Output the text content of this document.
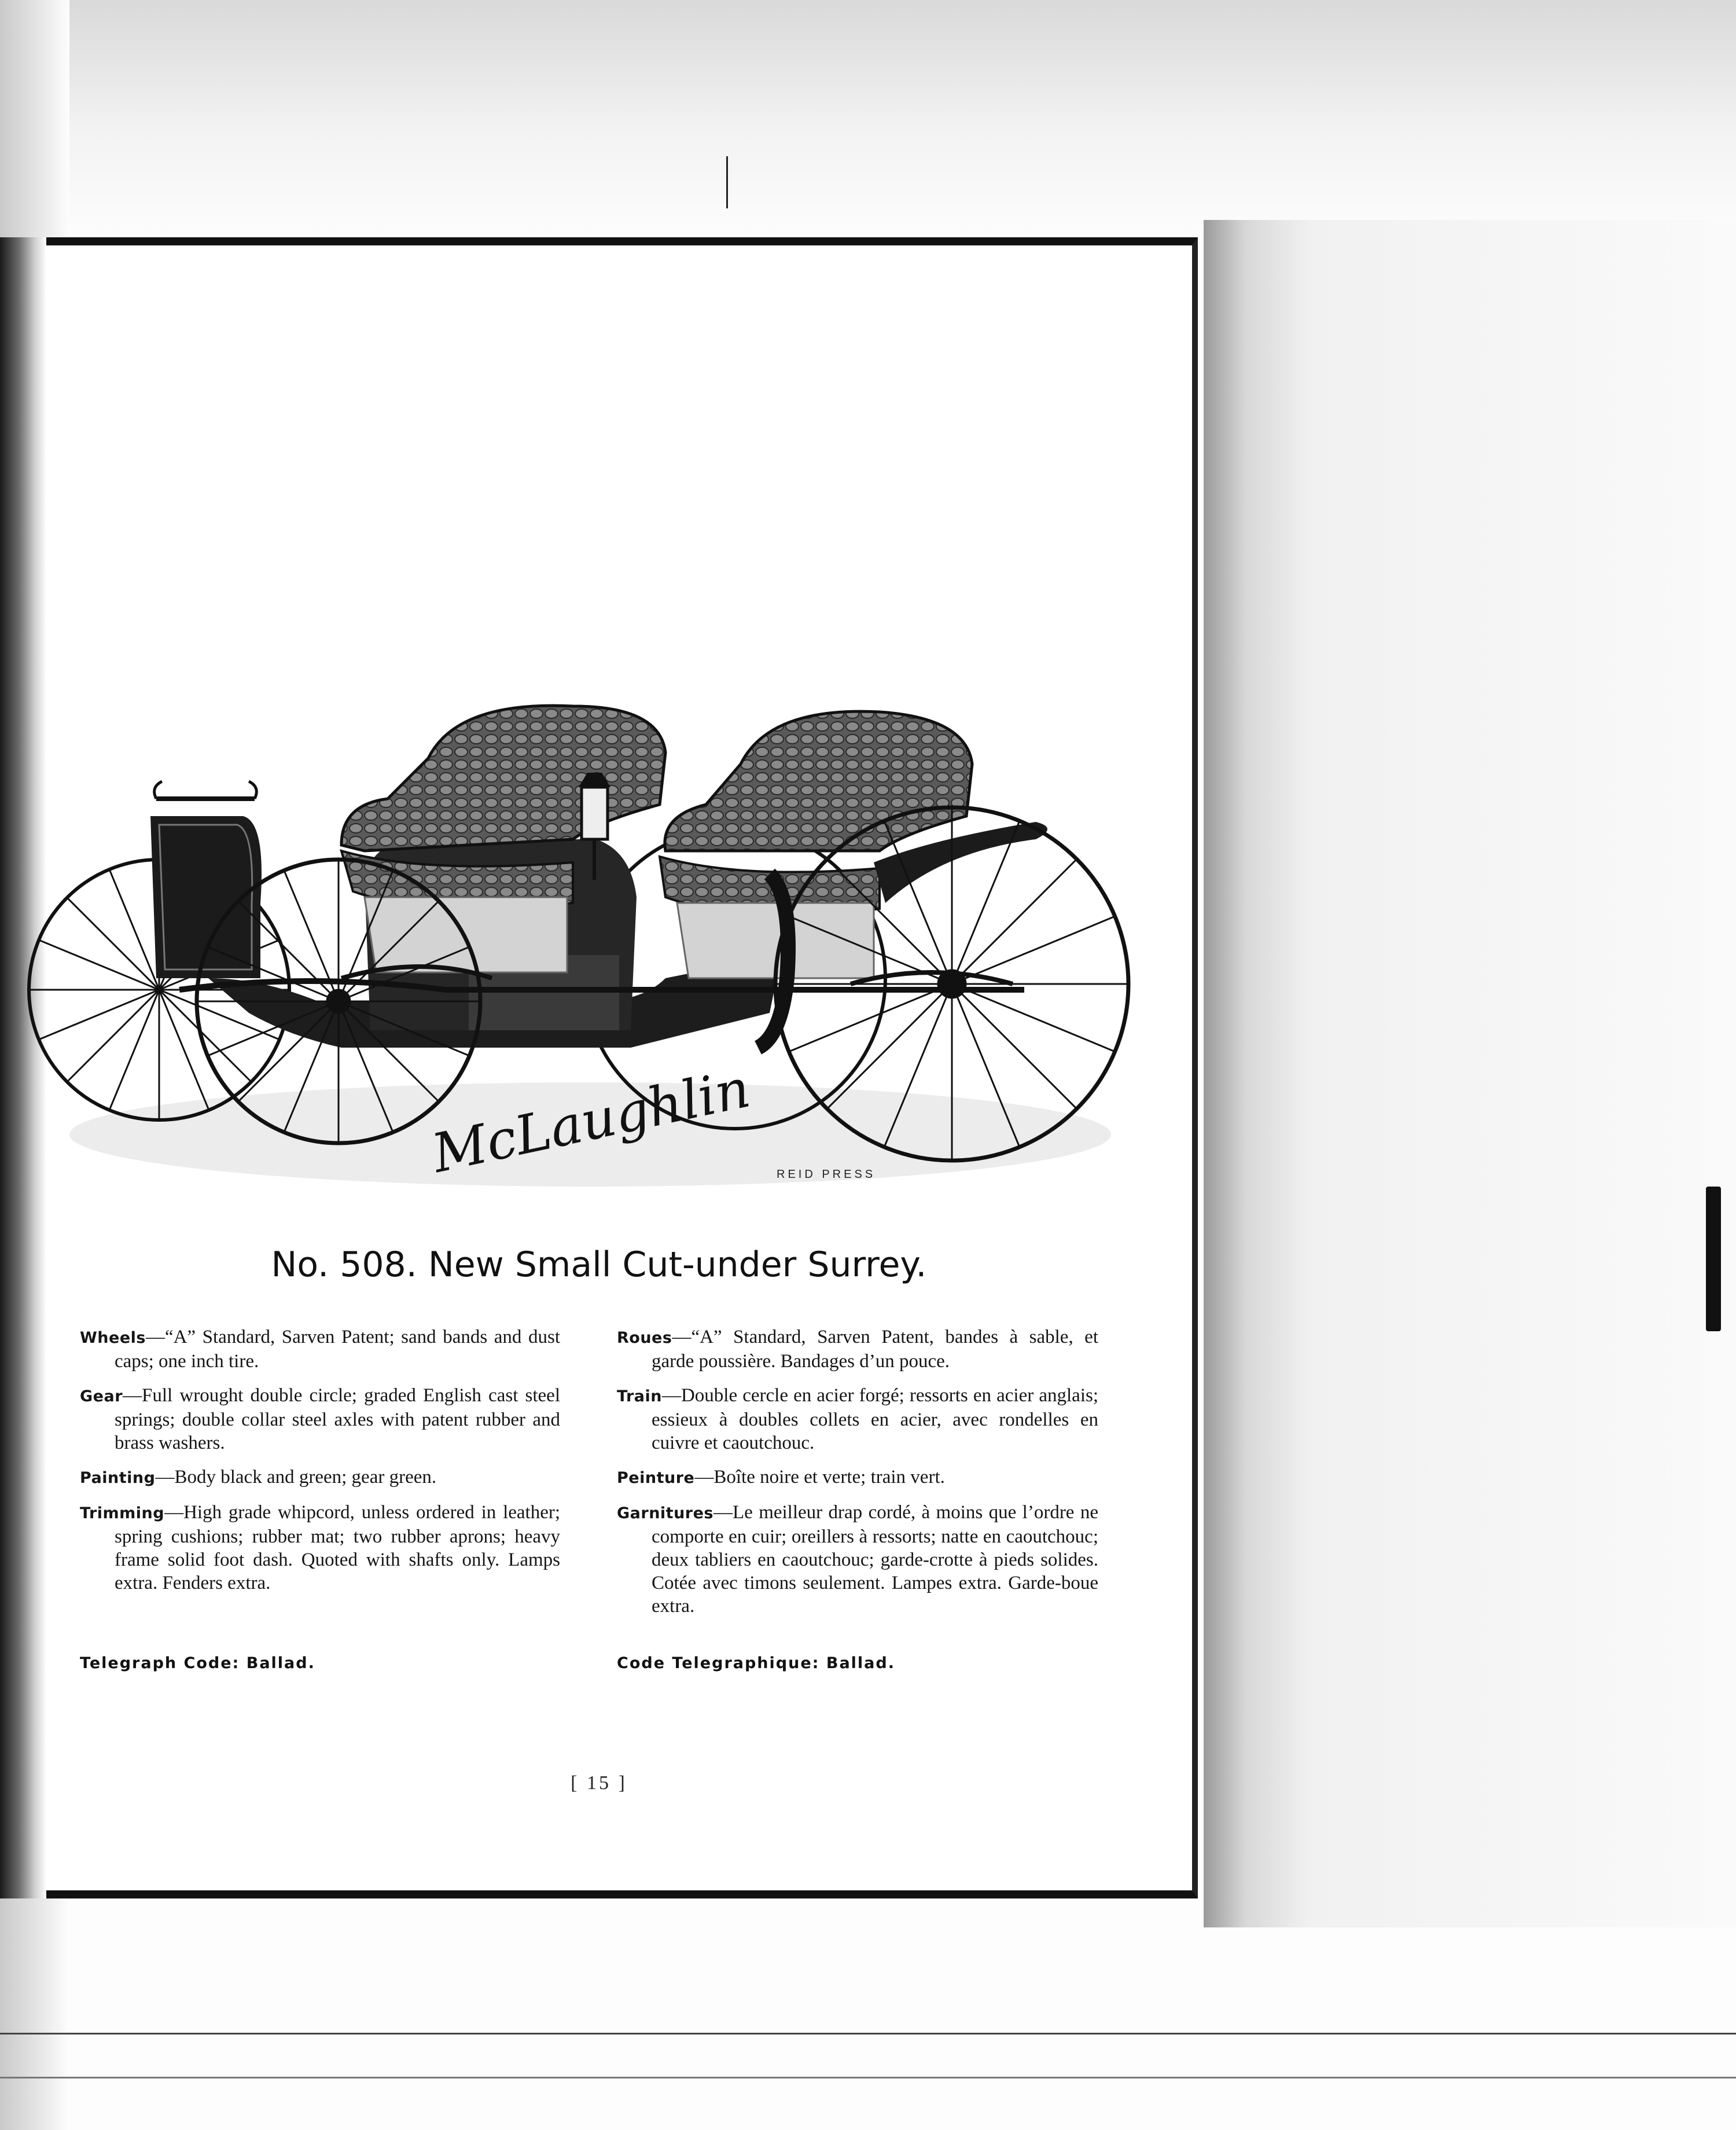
McLaughlin REID PRESS
No. 508. New Small Cut-under Surrey.

Wheels—“A” Standard, Sarven Patent; sand bands and dust caps; one inch tire.

Gear—Full wrought double circle; graded English cast steel springs; double collar steel axles with patent rubber and brass washers.

Painting—Body black and green; gear green.

Trimming—High grade whipcord, unless ordered in leather; spring cushions; rubber mat; two rubber aprons; heavy frame solid foot dash. Quoted with shafts only. Lamps extra. Fenders extra.

Roues—“A” Standard, Sarven Patent, bandes à sable, et garde poussière. Bandages d’un pouce.

Train—Double cercle en acier forgé; ressorts en acier anglais; essieux à doubles collets en acier, avec rondelles en cuivre et caoutchouc.

Peinture—Boîte noire et verte; train vert.

Garnitures—Le meilleur drap cordé, à moins que l’ordre ne comporte en cuir; oreillers à ressorts; natte en caoutchouc; deux tabliers en caoutchouc; garde-crotte à pieds solides. Cotée avec timons seulement. Lampes extra. Garde-boue extra.

Telegraph Code: Ballad.	Code Telegraphique: Ballad.
[ 15 ]
